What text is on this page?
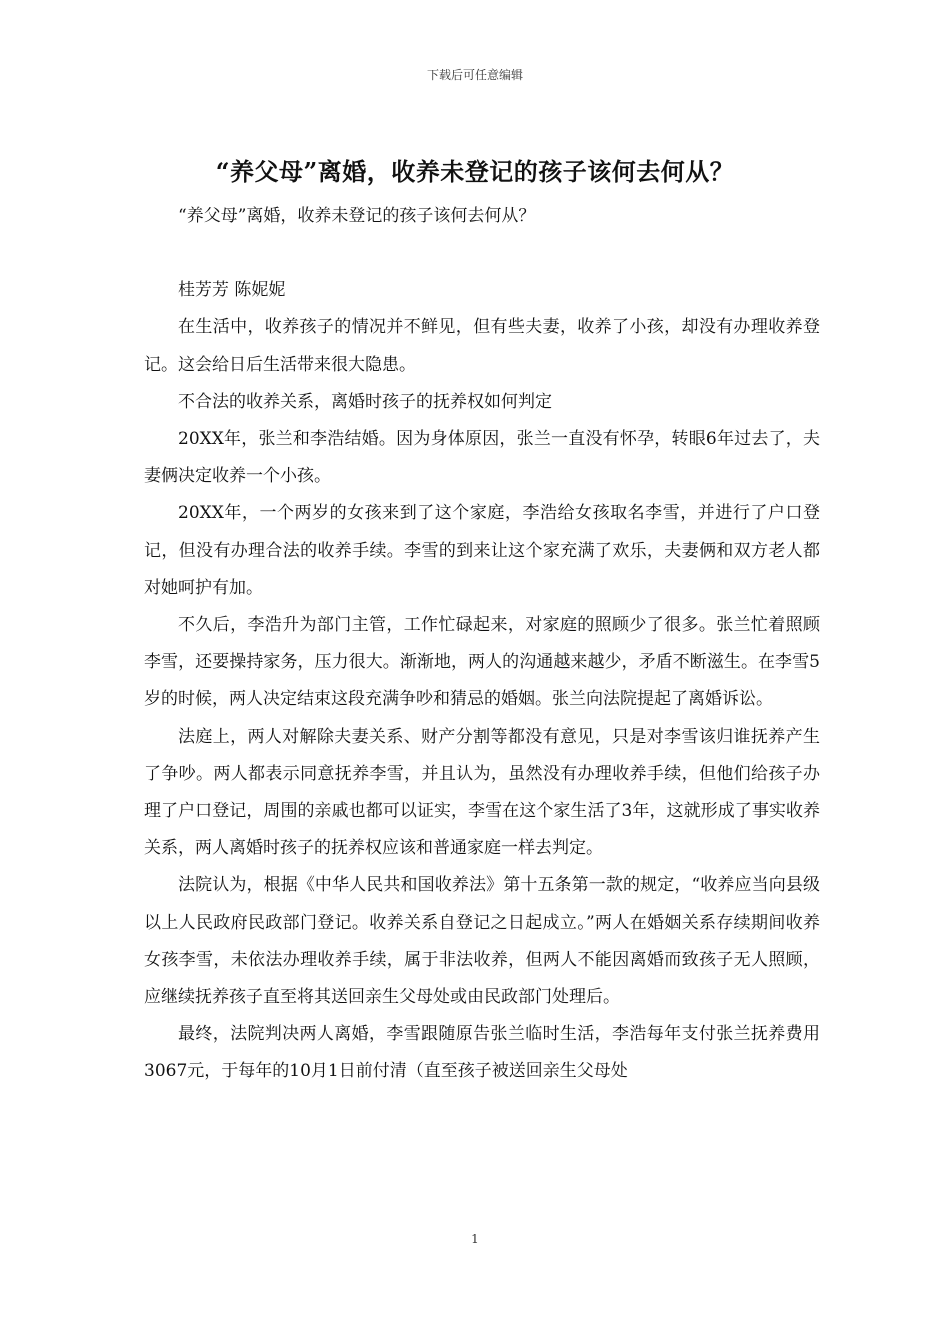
下载后可任意编辑
“养父母”离婚，收养未登记的孩子该何去何从？

“养父母”离婚，收养未登记的孩子该何去何从？

桂芳芳 陈妮妮

在生活中，收养孩子的情况并不鲜见，但有些夫妻，收养了小孩，却没有办理收养登记。这会给日后生活带来很大隐患。

不合法的收养关系，离婚时孩子的抚养权如何判定

20XX年，张兰和李浩结婚。因为身体原因，张兰一直没有怀孕，转眼6年过去了，夫妻俩决定收养一个小孩。

20XX年，一个两岁的女孩来到了这个家庭，李浩给女孩取名李雪，并进行了户口登记，但没有办理合法的收养手续。李雪的到来让这个家充满了欢乐，夫妻俩和双方老人都对她呵护有加。

不久后，李浩升为部门主管，工作忙碌起来，对家庭的照顾少了很多。张兰忙着照顾李雪，还要操持家务，压力很大。渐渐地，两人的沟通越来越少，矛盾不断滋生。在李雪5岁的时候，两人决定结束这段充满争吵和猜忌的婚姻。张兰向法院提起了离婚诉讼。

法庭上，两人对解除夫妻关系、财产分割等都没有意见，只是对李雪该归谁抚养产生了争吵。两人都表示同意抚养李雪，并且认为，虽然没有办理收养手续，但他们给孩子办理了户口登记，周围的亲戚也都可以证实，李雪在这个家生活了3年，这就形成了事实收养关系，两人离婚时孩子的抚养权应该和普通家庭一样去判定。

法院认为，根据《中华人民共和国收养法》第十五条第一款的规定，“收养应当向县级以上人民政府民政部门登记。收养关系自登记之日起成立。”两人在婚姻关系存续期间收养女孩李雪，未依法办理收养手续，属于非法收养，但两人不能因离婚而致孩子无人照顾，应继续抚养孩子直至将其送回亲生父母处或由民政部门处理后。

最终，法院判决两人离婚，李雪跟随原告张兰临时生活，李浩每年支付张兰抚养费用3067元，于每年的10月1日前付清（直至孩子被送回亲生父母处

1
